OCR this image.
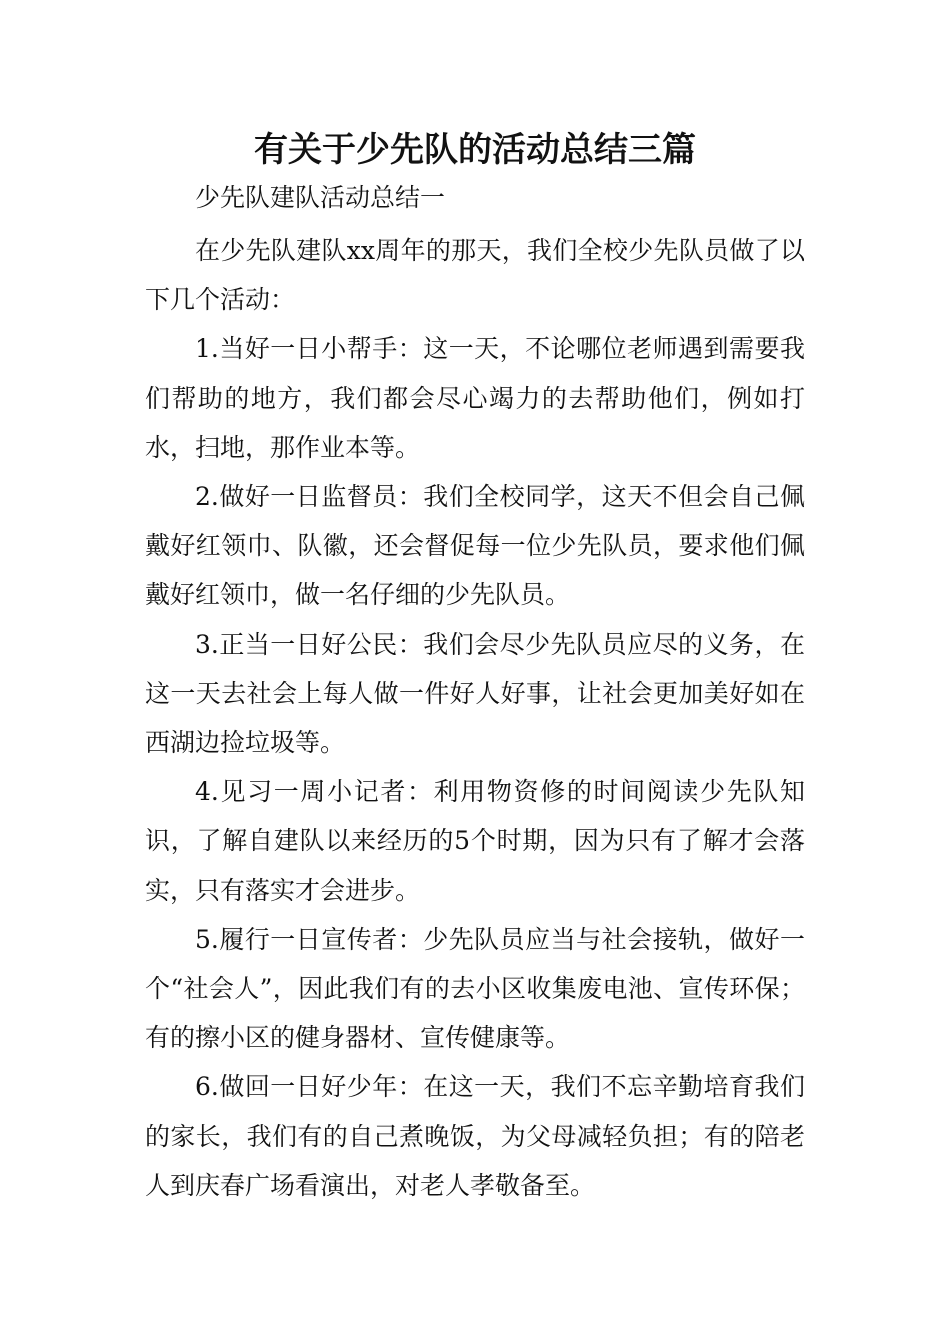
有关于少先队的活动总结三篇

少先队建队活动总结一

在少先队建队xx周年的那天，我们全校少先队员做了以下几个活动：

1.当好一日小帮手：这一天，不论哪位老师遇到需要我们帮助的地方，我们都会尽心竭力的去帮助他们，例如打水，扫地，那作业本等。

2.做好一日监督员：我们全校同学，这天不但会自己佩戴好红领巾、队徽，还会督促每一位少先队员，要求他们佩戴好红领巾，做一名仔细的少先队员。

3.正当一日好公民：我们会尽少先队员应尽的义务，在这一天去社会上每人做一件好人好事，让社会更加美好如在西湖边捡垃圾等。

4.见习一周小记者：利用物资修的时间阅读少先队知识，了解自建队以来经历的5个时期，因为只有了解才会落实，只有落实才会进步。

5.履行一日宣传者：少先队员应当与社会接轨，做好一个“社会人”，因此我们有的去小区收集废电池、宣传环保；有的擦小区的健身器材、宣传健康等。

6.做回一日好少年：在这一天，我们不忘辛勤培育我们的家长，我们有的自己煮晚饭，为父母减轻负担；有的陪老人到庆春广场看演出，对老人孝敬备至。
